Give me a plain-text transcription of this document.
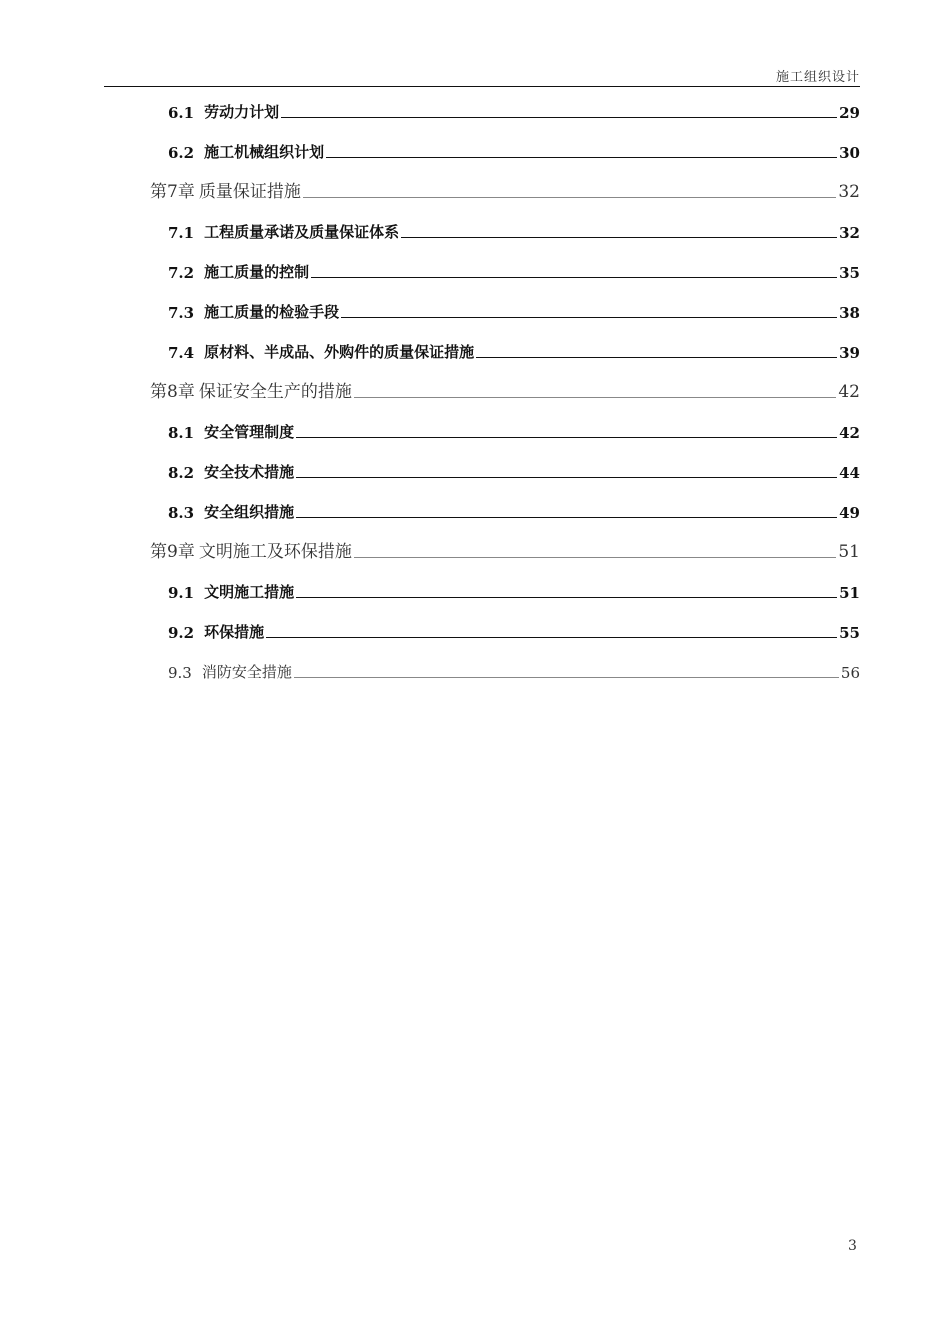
施工组织设计
6.1 劳动力计划	29
6.2 施工机械组织计划	30
第7章 质量保证措施	32
7.1 工程质量承诺及质量保证体系	32
7.2 施工质量的控制	35
7.3 施工质量的检验手段	38
7.4 原材料、半成品、外购件的质量保证措施	39
第8章 保证安全生产的措施	42
8.1 安全管理制度	42
8.2 安全技术措施	44
8.3 安全组织措施	49
第9章 文明施工及环保措施	51
9.1 文明施工措施	51
9.2 环保措施	55
9.3 消防安全措施	56
3
